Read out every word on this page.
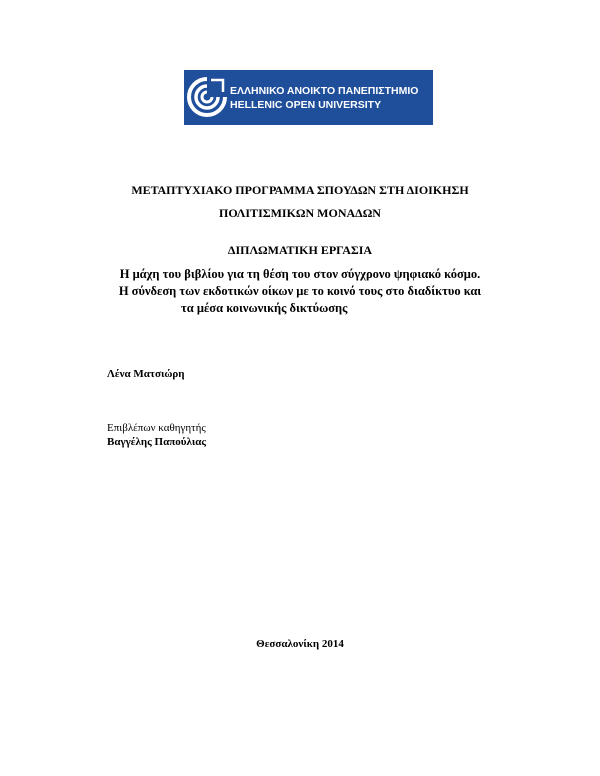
ΕΛΛΗΝΙΚΟ ΑΝΟΙΚΤΟ ΠΑΝΕΠΙΣΤΗΜΙΟ
HELLENIC OPEN UNIVERSITY
ΜΕΤΑΠΤΥΧΙΑΚΟ ΠΡΟΓΡΑΜΜΑ ΣΠΟΥΔΩΝ ΣΤΗ ΔΙΟΙΚΗΣΗ
ΠΟΛΙΤΙΣΜΙΚΩΝ ΜΟΝΑΔΩΝ
ΔΙΠΛΩΜΑΤΙΚΗ ΕΡΓΑΣΙΑ
Η μάχη του βιβλίου για τη θέση του στον σύγχρονο ψηφιακό κόσμο.
Η σύνδεση των εκδοτικών οίκων με το κοινό τους στο διαδίκτυο και
τα μέσα κοινωνικής δικτύωσης
Λένα Ματσιώρη
Επιβλέπων καθηγητής
Βαγγέλης Παπούλιας
Θεσσαλονίκη 2014
